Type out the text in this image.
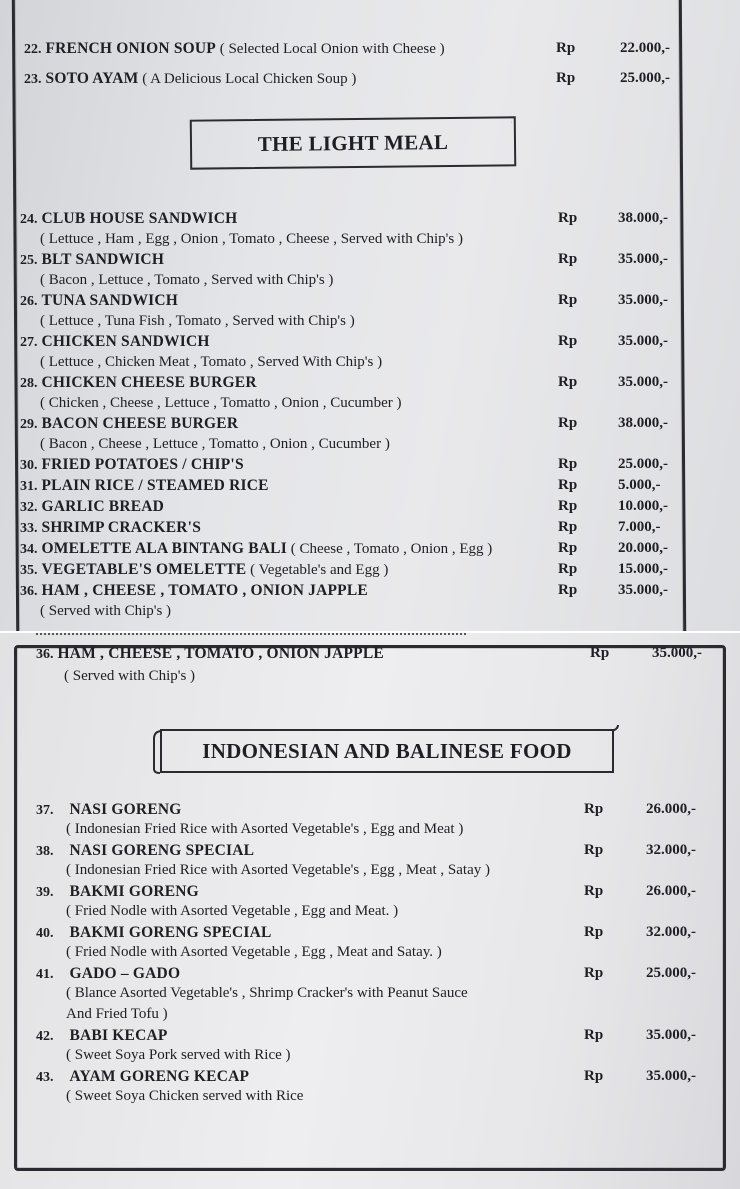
22. FRENCH ONION SOUP ( Selected Local Onion with Cheese )	Rp	22.000,-
23. SOTO AYAM ( A Delicious Local Chicken Soup )	Rp	25.000,-
THE LIGHT MEAL
24. CLUB HOUSE SANDWICH	Rp	38.000,-
( Lettuce , Ham , Egg , Onion , Tomato , Cheese , Served with Chip's )
25. BLT SANDWICH	Rp	35.000,-
( Bacon , Lettuce , Tomato , Served with Chip's )
26. TUNA SANDWICH	Rp	35.000,-
( Lettuce , Tuna Fish , Tomato , Served with Chip's )
27. CHICKEN SANDWICH	Rp	35.000,-
( Lettuce , Chicken Meat , Tomato , Served With Chip's )
28. CHICKEN CHEESE BURGER	Rp	35.000,-
( Chicken , Cheese , Lettuce , Tomatto , Onion , Cucumber )
29. BACON CHEESE BURGER	Rp	38.000,-
( Bacon , Cheese , Lettuce , Tomatto , Onion , Cucumber )
30. FRIED POTATOES / CHIP'S	Rp	25.000,-
31. PLAIN RICE / STEAMED RICE	Rp	5.000,-
32. GARLIC BREAD	Rp	10.000,-
33. SHRIMP CRACKER'S	Rp	7.000,-
34. OMELETTE ALA BINTANG BALI ( Cheese , Tomato , Onion , Egg )	Rp	20.000,-
35. VEGETABLE'S OMELETTE ( Vegetable's and Egg )	Rp	15.000,-
36. HAM , CHEESE , TOMATO , ONION JAPPLE	Rp	35.000,-
( Served with Chip's )
36. HAM , CHEESE , TOMATO , ONION JAPPLE	Rp	35.000,-
( Served with Chip's )
INDONESIAN AND BALINESE FOOD
37. NASI GORENG	Rp	26.000,-
( Indonesian Fried Rice with Asorted Vegetable's , Egg and Meat )
38. NASI GORENG SPECIAL	Rp	32.000,-
( Indonesian Fried Rice with Asorted Vegetable's , Egg , Meat , Satay )
39. BAKMI GORENG	Rp	26.000,-
( Fried Nodle with Asorted Vegetable , Egg and Meat. )
40. BAKMI GORENG SPECIAL	Rp	32.000,-
( Fried Nodle with Asorted Vegetable , Egg , Meat and Satay. )
41. GADO – GADO	Rp	25.000,-
( Blance Asorted Vegetable's , Shrimp Cracker's with Peanut Sauce
And Fried Tofu )
42. BABI KECAP	Rp	35.000,-
( Sweet Soya Pork served with Rice )
43. AYAM GORENG KECAP	Rp	35.000,-
( Sweet Soya Chicken served with Rice
